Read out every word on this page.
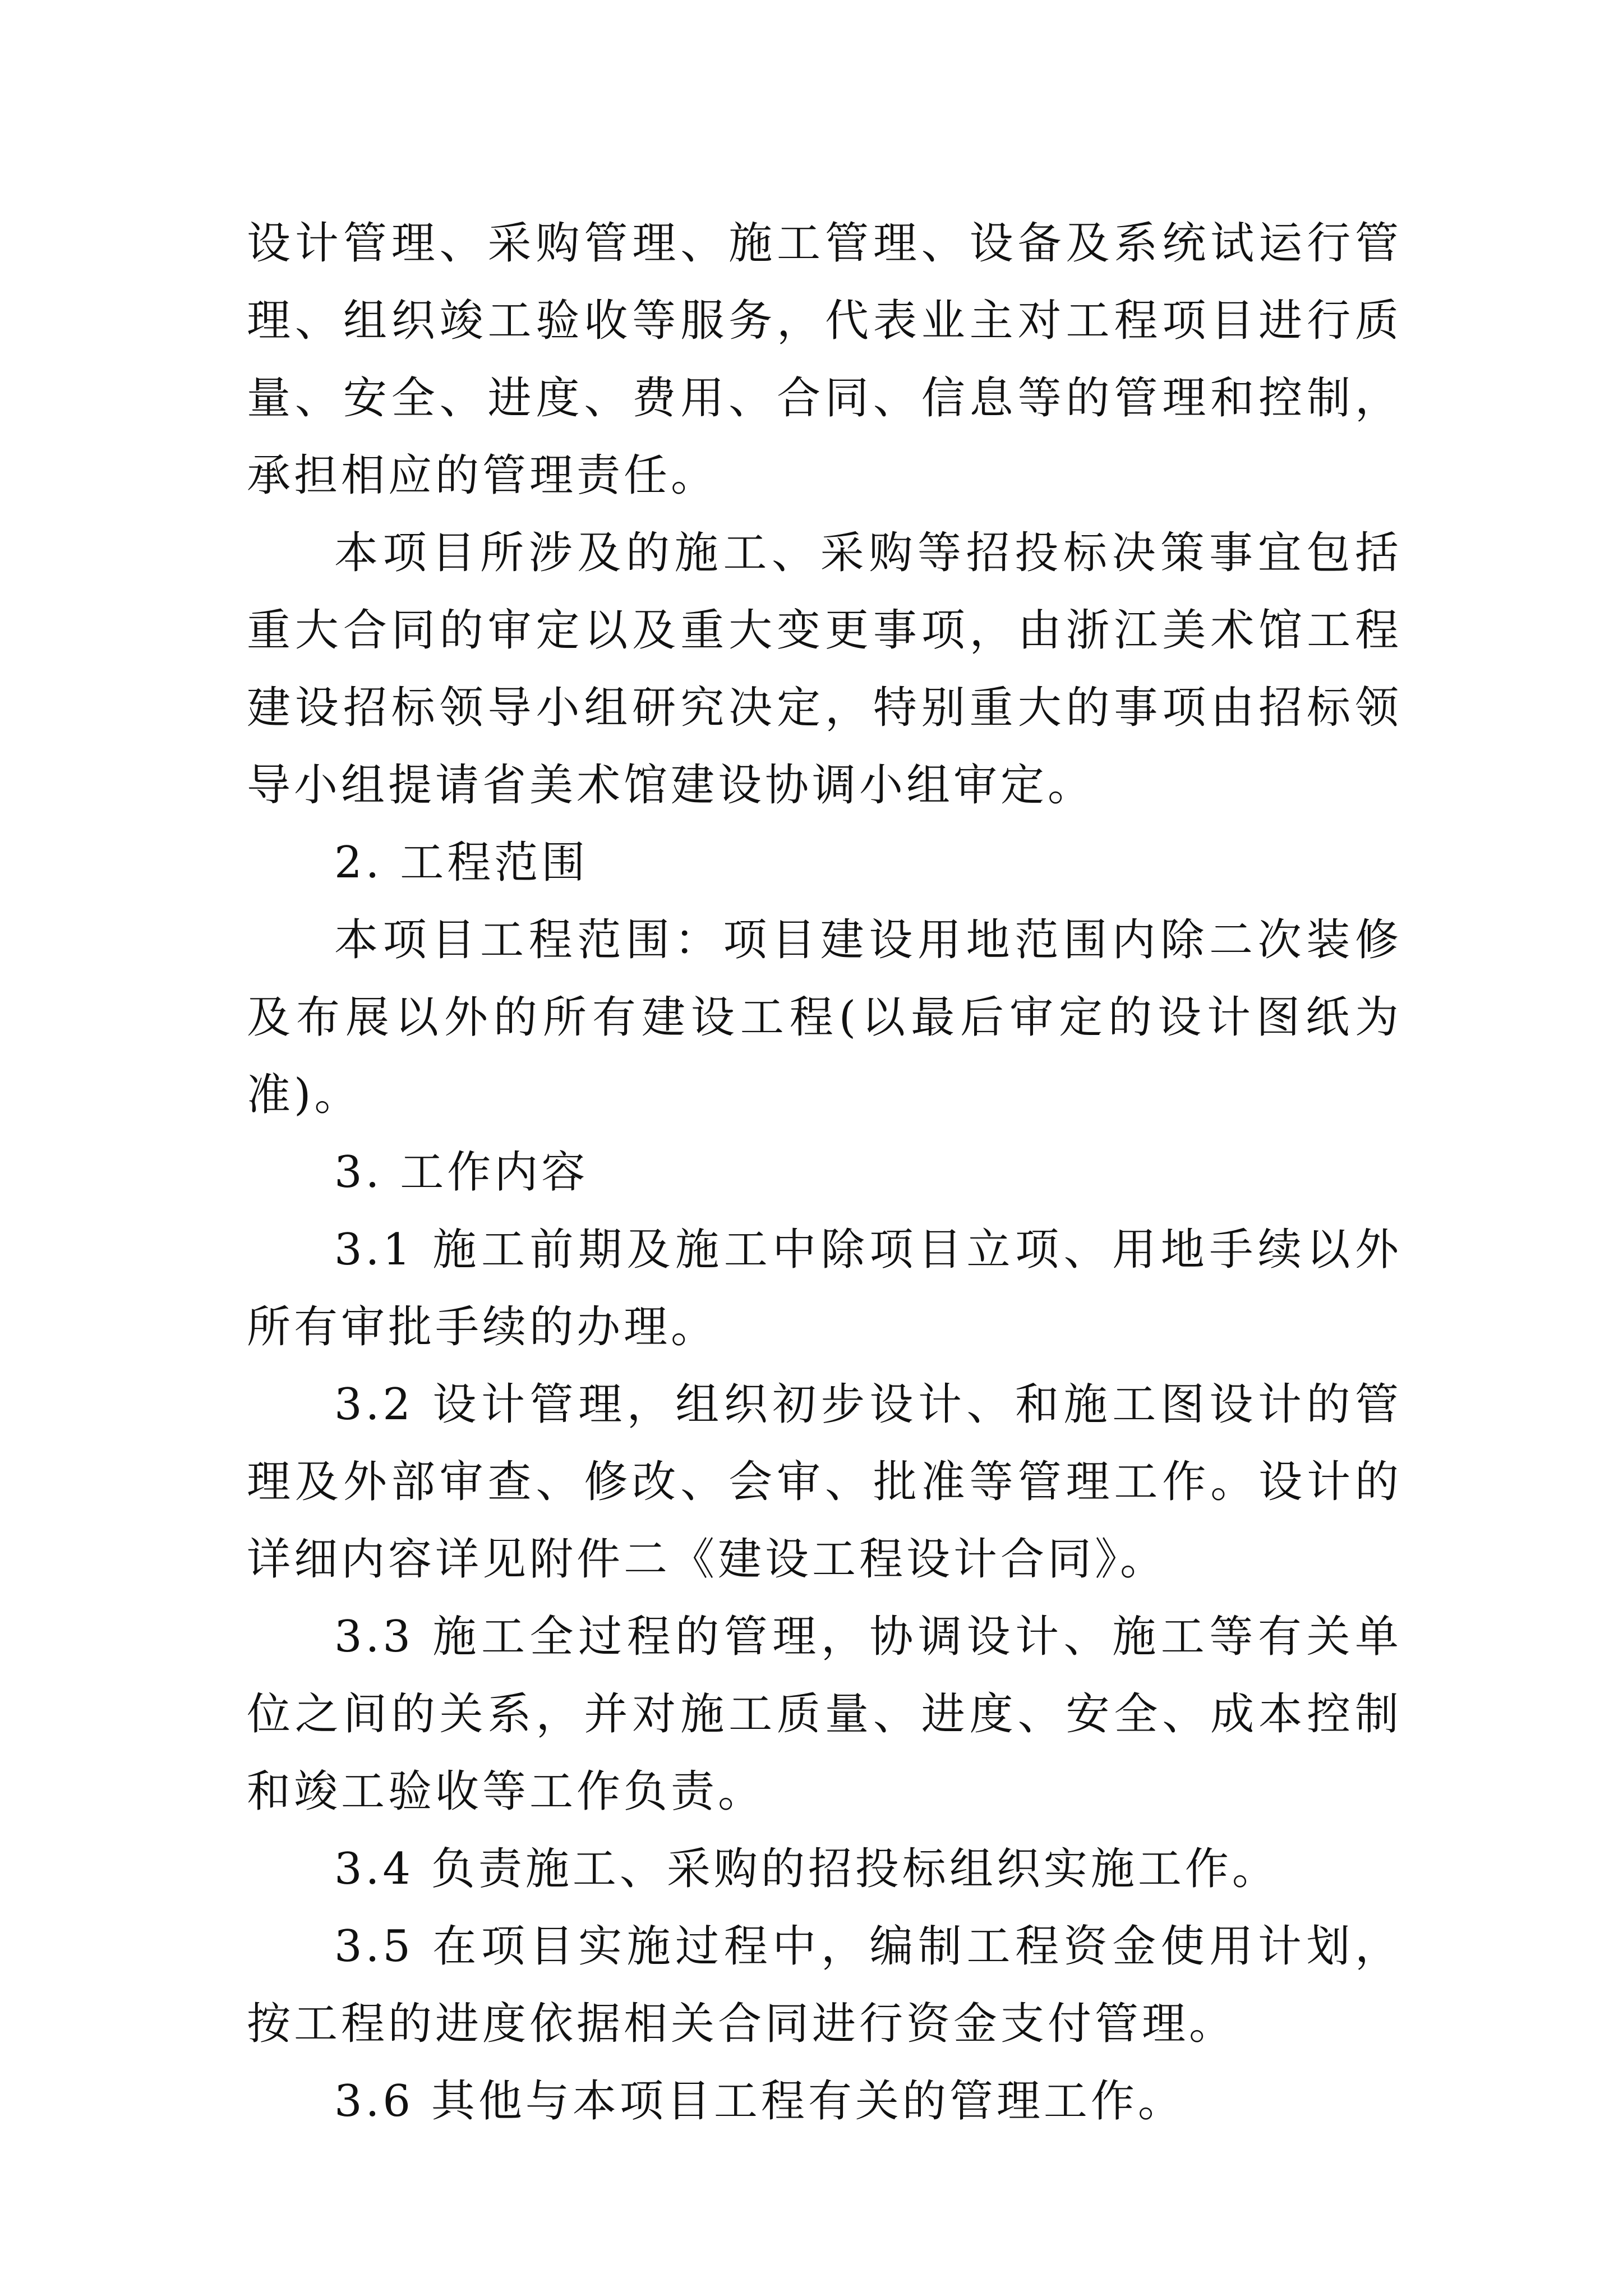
设计管理、采购管理、施工管理、设备及系统试运行管理、组织竣工验收等服务，代表业主对工程项目进行质量、安全、进度、费用、合同、信息等的管理和控制，承担相应的管理责任。

本项目所涉及的施工、采购等招投标决策事宜包括重大合同的审定以及重大变更事项，由浙江美术馆工程建设招标领导小组研究决定，特别重大的事项由招标领导小组提请省美术馆建设协调小组审定。

2. 工程范围

本项目工程范围：项目建设用地范围内除二次装修及布展以外的所有建设工程(以最后审定的设计图纸为准)。

3. 工作内容

3.1 施工前期及施工中除项目立项、用地手续以外所有审批手续的办理。

3.2 设计管理，组织初步设计、和施工图设计的管理及外部审查、修改、会审、批准等管理工作。设计的详细内容详见附件二《建设工程设计合同》。

3.3 施工全过程的管理，协调设计、施工等有关单位之间的关系，并对施工质量、进度、安全、成本控制和竣工验收等工作负责。

3.4 负责施工、采购的招投标组织实施工作。

3.5 在项目实施过程中，编制工程资金使用计划，按工程的进度依据相关合同进行资金支付管理。

3.6 其他与本项目工程有关的管理工作。
